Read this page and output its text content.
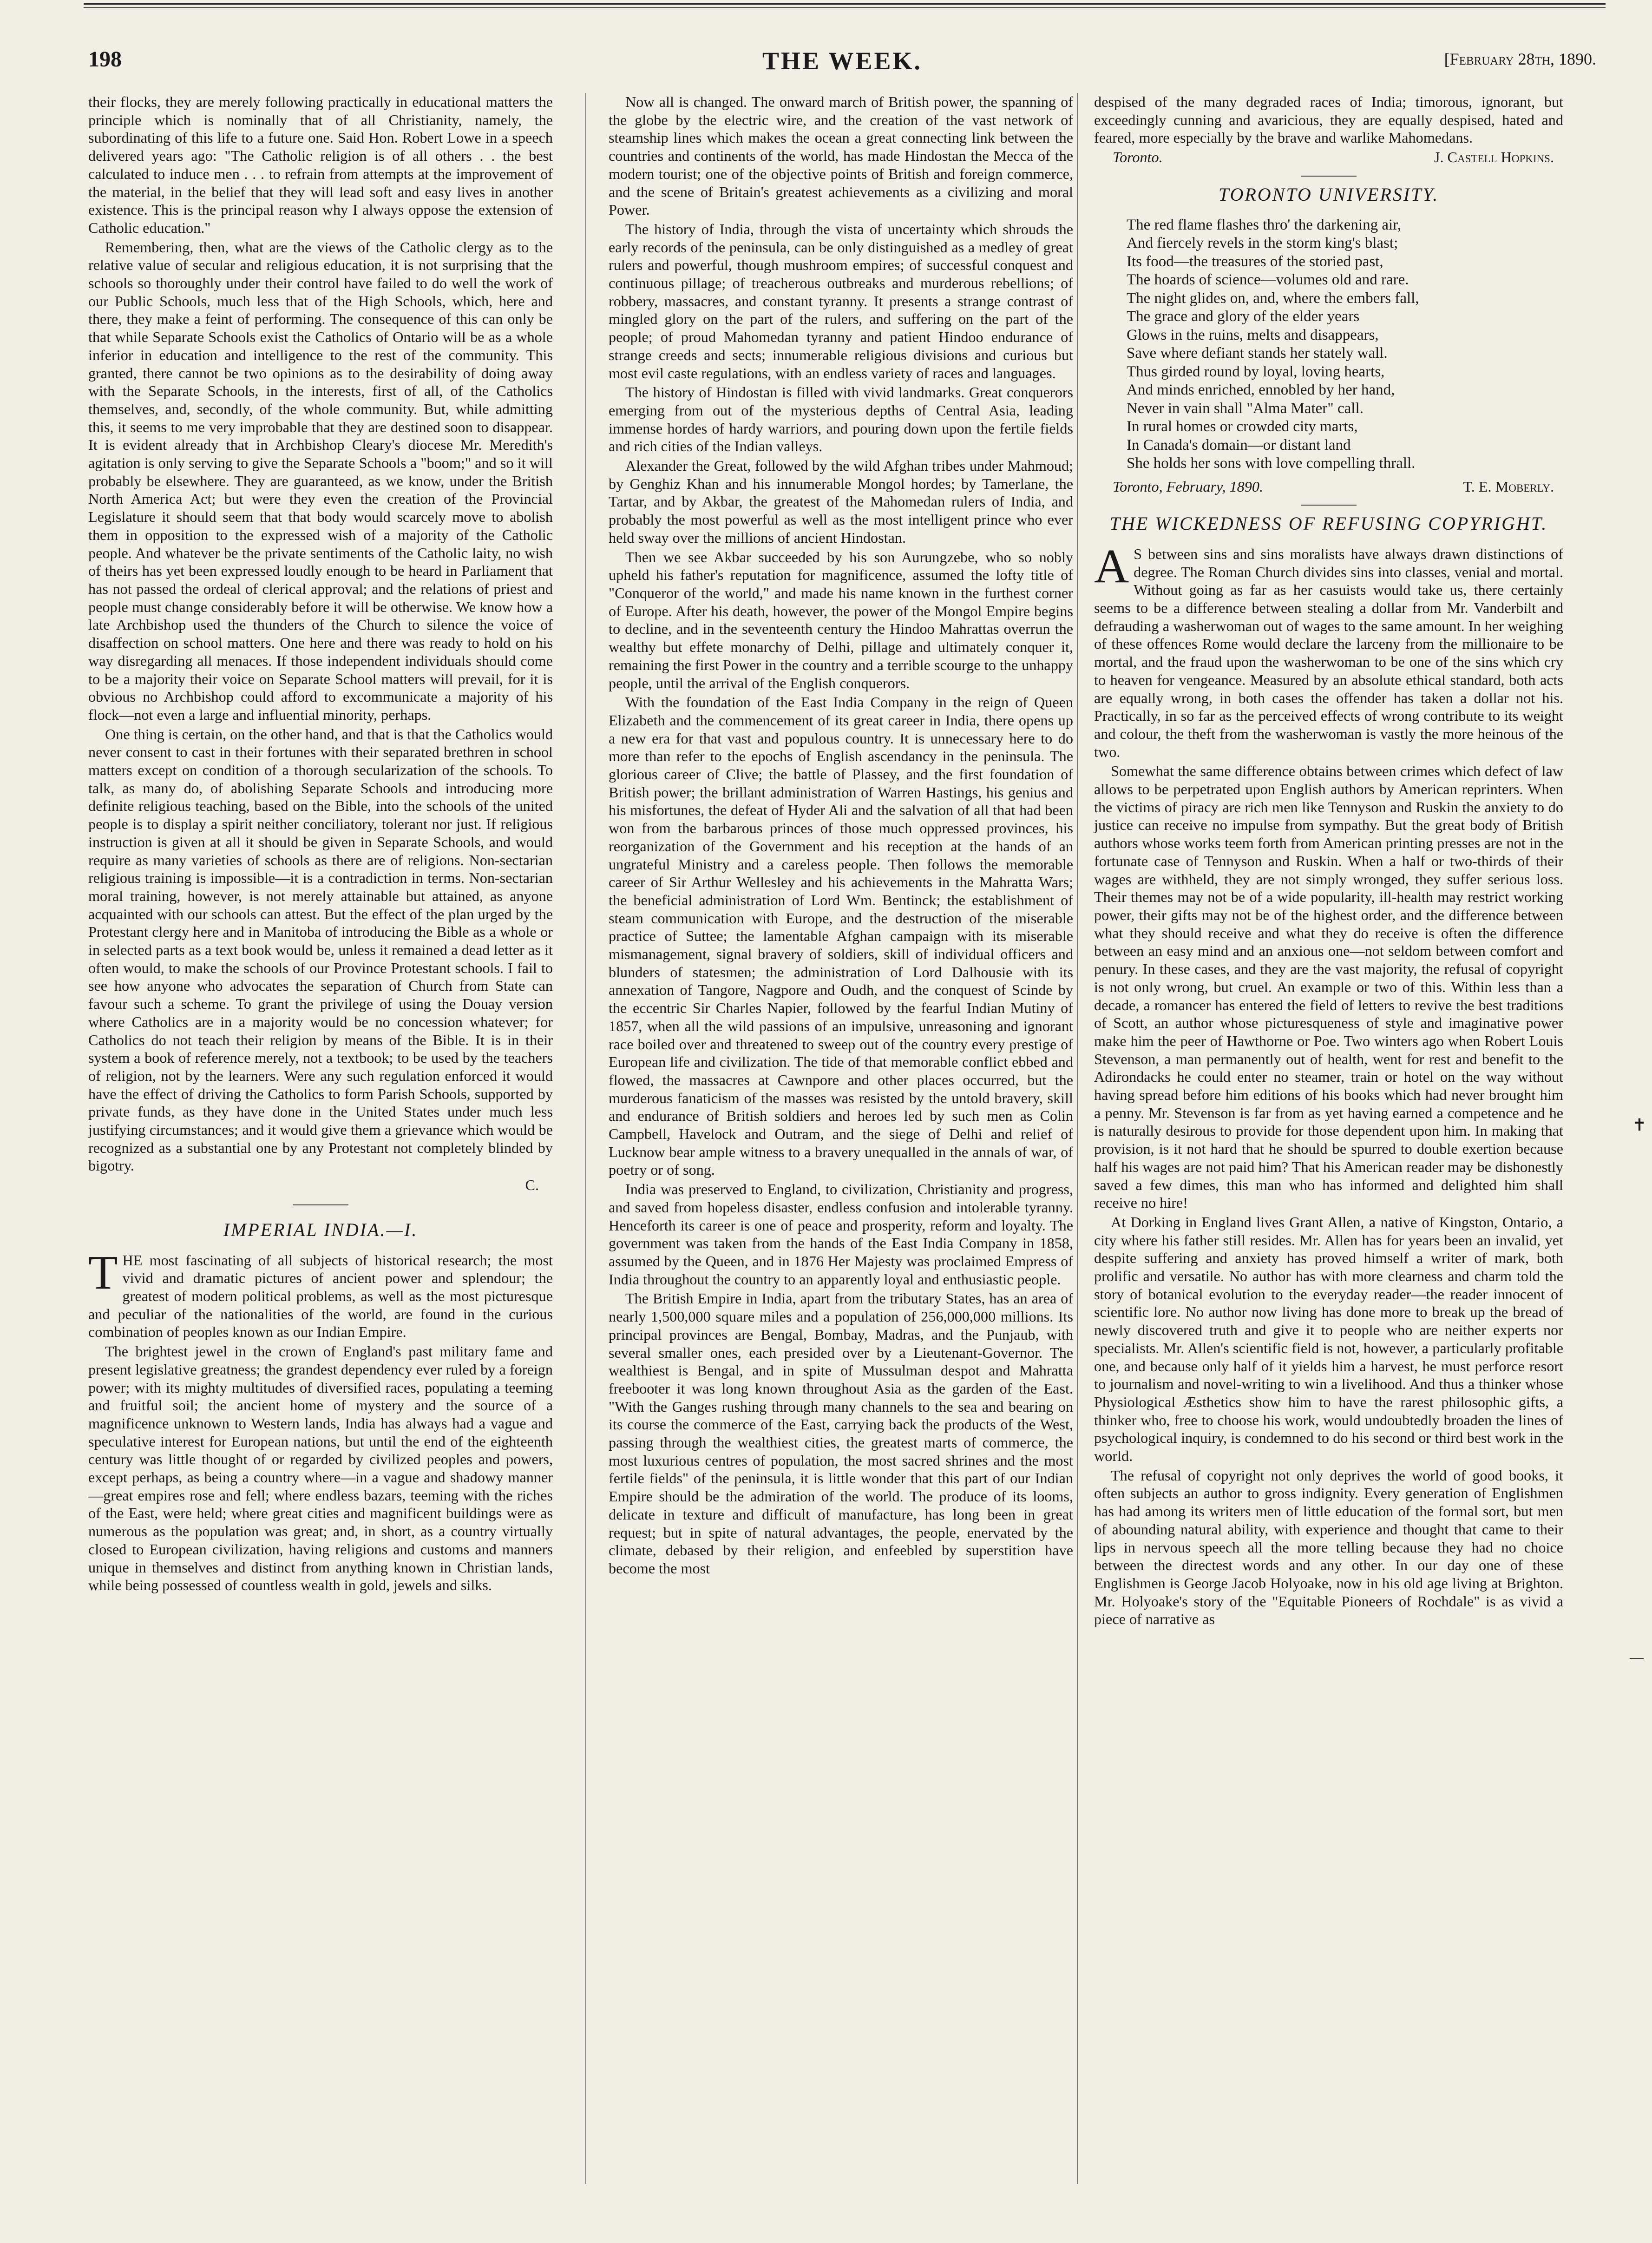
198	THE WEEK.	[February 28th, 1890.

their flocks, they are merely following practically in educational matters the principle which is nominally that of all Christianity, namely, the subordinating of this life to a future one. Said Hon. Robert Lowe in a speech delivered years ago: "The Catholic religion is of all others . . the best calculated to induce men . . . to refrain from attempts at the improvement of the material, in the belief that they will lead soft and easy lives in another existence. This is the principal reason why I always oppose the extension of Catholic education."

Remembering, then, what are the views of the Catholic clergy as to the relative value of secular and religious education, it is not surprising that the schools so thoroughly under their control have failed to do well the work of our Public Schools, much less that of the High Schools, which, here and there, they make a feint of performing. The consequence of this can only be that while Separate Schools exist the Catholics of Ontario will be as a whole inferior in education and intelligence to the rest of the community. This granted, there cannot be two opinions as to the desirability of doing away with the Separate Schools, in the interests, first of all, of the Catholics themselves, and, secondly, of the whole community. But, while admitting this, it seems to me very improbable that they are destined soon to disappear. It is evident already that in Archbishop Cleary's diocese Mr. Meredith's agitation is only serving to give the Separate Schools a "boom;" and so it will probably be elsewhere. They are guaranteed, as we know, under the British North America Act; but were they even the creation of the Provincial Legislature it should seem that that body would scarcely move to abolish them in opposition to the expressed wish of a majority of the Catholic people. And whatever be the private sentiments of the Catholic laity, no wish of theirs has yet been expressed loudly enough to be heard in Parliament that has not passed the ordeal of clerical approval; and the relations of priest and people must change considerably before it will be otherwise. We know how a late Archbishop used the thunders of the Church to silence the voice of disaffection on school matters. One here and there was ready to hold on his way disregarding all menaces. If those independent individuals should come to be a majority their voice on Separate School matters will prevail, for it is obvious no Archbishop could afford to excommunicate a majority of his flock—not even a large and influential minority, perhaps.

One thing is certain, on the other hand, and that is that the Catholics would never consent to cast in their fortunes with their separated brethren in school matters except on condition of a thorough secularization of the schools. To talk, as many do, of abolishing Separate Schools and introducing more definite religious teaching, based on the Bible, into the schools of the united people is to display a spirit neither conciliatory, tolerant nor just. If religious instruction is given at all it should be given in Separate Schools, and would require as many varieties of schools as there are of religions. Non-sectarian religious training is impossible—it is a contradiction in terms. Non-sectarian moral training, however, is not merely attainable but attained, as anyone acquainted with our schools can attest. But the effect of the plan urged by the Protestant clergy here and in Manitoba of introducing the Bible as a whole or in selected parts as a text book would be, unless it remained a dead letter as it often would, to make the schools of our Province Protestant schools. I fail to see how anyone who advocates the separation of Church from State can favour such a scheme. To grant the privilege of using the Douay version where Catholics are in a majority would be no concession whatever; for Catholics do not teach their religion by means of the Bible. It is in their system a book of reference merely, not a textbook; to be used by the teachers of religion, not by the learners. Were any such regulation enforced it would have the effect of driving the Catholics to form Parish Schools, supported by private funds, as they have done in the United States under much less justifying circumstances; and it would give them a grievance which would be recognized as a substantial one by any Protestant not completely blinded by bigotry.

C.
IMPERIAL INDIA.—I.

THE most fascinating of all subjects of historical research; the most vivid and dramatic pictures of ancient power and splendour; the greatest of modern political problems, as well as the most picturesque and peculiar of the nationalities of the world, are found in the curious combination of peoples known as our Indian Empire.

The brightest jewel in the crown of England's past military fame and present legislative greatness; the grandest dependency ever ruled by a foreign power; with its mighty multitudes of diversified races, populating a teeming and fruitful soil; the ancient home of mystery and the source of a magnificence unknown to Western lands, India has always had a vague and speculative interest for European nations, but until the end of the eighteenth century was little thought of or regarded by civilized peoples and powers, except perhaps, as being a country where—in a vague and shadowy manner—great empires rose and fell; where endless bazars, teeming with the riches of the East, were held; where great cities and magnificent buildings were as numerous as the population was great; and, in short, as a country virtually closed to European civilization, having religions and customs and manners unique in themselves and distinct from anything known in Christian lands, while being possessed of countless wealth in gold, jewels and silks.

Now all is changed. The onward march of British power, the spanning of the globe by the electric wire, and the creation of the vast network of steamship lines which makes the ocean a great connecting link between the countries and continents of the world, has made Hindostan the Mecca of the modern tourist; one of the objective points of British and foreign commerce, and the scene of Britain's greatest achievements as a civilizing and moral Power.

The history of India, through the vista of uncertainty which shrouds the early records of the peninsula, can be only distinguished as a medley of great rulers and powerful, though mushroom empires; of successful conquest and continuous pillage; of treacherous outbreaks and murderous rebellions; of robbery, massacres, and constant tyranny. It presents a strange contrast of mingled glory on the part of the rulers, and suffering on the part of the people; of proud Mahomedan tyranny and patient Hindoo endurance of strange creeds and sects; innumerable religious divisions and curious but most evil caste regulations, with an endless variety of races and languages.

The history of Hindostan is filled with vivid landmarks. Great conquerors emerging from out of the mysterious depths of Central Asia, leading immense hordes of hardy warriors, and pouring down upon the fertile fields and rich cities of the Indian valleys.

Alexander the Great, followed by the wild Afghan tribes under Mahmoud; by Genghiz Khan and his innumerable Mongol hordes; by Tamerlane, the Tartar, and by Akbar, the greatest of the Mahomedan rulers of India, and probably the most powerful as well as the most intelligent prince who ever held sway over the millions of ancient Hindostan.

Then we see Akbar succeeded by his son Aurungzebe, who so nobly upheld his father's reputation for magnificence, assumed the lofty title of "Conqueror of the world," and made his name known in the furthest corner of Europe. After his death, however, the power of the Mongol Empire begins to decline, and in the seventeenth century the Hindoo Mahrattas overrun the wealthy but effete monarchy of Delhi, pillage and ultimately conquer it, remaining the first Power in the country and a terrible scourge to the unhappy people, until the arrival of the English conquerors.

With the foundation of the East India Company in the reign of Queen Elizabeth and the commencement of its great career in India, there opens up a new era for that vast and populous country. It is unnecessary here to do more than refer to the epochs of English ascendancy in the peninsula. The glorious career of Clive; the battle of Plassey, and the first foundation of British power; the brillant administration of Warren Hastings, his genius and his misfortunes, the defeat of Hyder Ali and the salvation of all that had been won from the barbarous princes of those much oppressed provinces, his reorganization of the Government and his reception at the hands of an ungrateful Ministry and a careless people. Then follows the memorable career of Sir Arthur Wellesley and his achievements in the Mahratta Wars; the beneficial administration of Lord Wm. Bentinck; the establishment of steam communication with Europe, and the destruction of the miserable practice of Suttee; the lamentable Afghan campaign with its miserable mismanagement, signal bravery of soldiers, skill of individual officers and blunders of statesmen; the administration of Lord Dalhousie with its annexation of Tangore, Nagpore and Oudh, and the conquest of Scinde by the eccentric Sir Charles Napier, followed by the fearful Indian Mutiny of 1857, when all the wild passions of an impulsive, unreasoning and ignorant race boiled over and threatened to sweep out of the country every prestige of European life and civilization. The tide of that memorable conflict ebbed and flowed, the massacres at Cawnpore and other places occurred, but the murderous fanaticism of the masses was resisted by the untold bravery, skill and endurance of British soldiers and heroes led by such men as Colin Campbell, Havelock and Outram, and the siege of Delhi and relief of Lucknow bear ample witness to a bravery unequalled in the annals of war, of poetry or of song.

India was preserved to England, to civilization, Christianity and progress, and saved from hopeless disaster, endless confusion and intolerable tyranny. Henceforth its career is one of peace and prosperity, reform and loyalty. The government was taken from the hands of the East India Company in 1858, assumed by the Queen, and in 1876 Her Majesty was proclaimed Empress of India throughout the country to an apparently loyal and enthusiastic people.

The British Empire in India, apart from the tributary States, has an area of nearly 1,500,000 square miles and a population of 256,000,000 millions. Its principal provinces are Bengal, Bombay, Madras, and the Punjaub, with several smaller ones, each presided over by a Lieutenant-Governor. The wealthiest is Bengal, and in spite of Mussulman despot and Mahratta freebooter it was long known throughout Asia as the garden of the East. "With the Ganges rushing through many channels to the sea and bearing on its course the commerce of the East, carrying back the products of the West, passing through the wealthiest cities, the greatest marts of commerce, the most luxurious centres of population, the most sacred shrines and the most fertile fields" of the peninsula, it is little wonder that this part of our Indian Empire should be the admiration of the world. The produce of its looms, delicate in texture and difficult of manufacture, has long been in great request; but in spite of natural advantages, the people, enervated by the climate, debased by their religion, and enfeebled by superstition have become the most

despised of the many degraded races of India; timorous, ignorant, but exceedingly cunning and avaricious, they are equally despised, hated and feared, more especially by the brave and warlike Mahomedans.

Toronto.	J. Castell Hopkins.
TORONTO UNIVERSITY.
The red flame flashes thro' the darkening air,
And fiercely revels in the storm king's blast;
Its food—the treasures of the storied past,
The hoards of science—volumes old and rare.
The night glides on, and, where the embers fall,
The grace and glory of the elder years
Glows in the ruins, melts and disappears,
Save where defiant stands her stately wall.
Thus girded round by loyal, loving hearts,
And minds enriched, ennobled by her hand,
Never in vain shall "Alma Mater" call.
In rural homes or crowded city marts,
In Canada's domain—or distant land
She holds her sons with love compelling thrall.
Toronto, February, 1890.	T. E. Moberly.
THE WICKEDNESS OF REFUSING COPYRIGHT.

A S between sins and sins moralists have always drawn distinctions of degree. The Roman Church divides sins into classes, venial and mortal. Without going as far as her casuists would take us, there certainly seems to be a difference between stealing a dollar from Mr. Vanderbilt and defrauding a washerwoman out of wages to the same amount. In her weighing of these offences Rome would declare the larceny from the millionaire to be mortal, and the fraud upon the washerwoman to be one of the sins which cry to heaven for vengeance. Measured by an absolute ethical standard, both acts are equally wrong, in both cases the offender has taken a dollar not his. Practically, in so far as the perceived effects of wrong contribute to its weight and colour, the theft from the washerwoman is vastly the more heinous of the two.

Somewhat the same difference obtains between crimes which defect of law allows to be perpetrated upon English authors by American reprinters. When the victims of piracy are rich men like Tennyson and Ruskin the anxiety to do justice can receive no impulse from sympathy. But the great body of British authors whose works teem forth from American printing presses are not in the fortunate case of Tennyson and Ruskin. When a half or two-thirds of their wages are withheld, they are not simply wronged, they suffer serious loss. Their themes may not be of a wide popularity, ill-health may restrict working power, their gifts may not be of the highest order, and the difference between what they should receive and what they do receive is often the difference between an easy mind and an anxious one—not seldom between comfort and penury. In these cases, and they are the vast majority, the refusal of copyright is not only wrong, but cruel. An example or two of this. Within less than a decade, a romancer has entered the field of letters to revive the best traditions of Scott, an author whose picturesqueness of style and imaginative power make him the peer of Hawthorne or Poe. Two winters ago when Robert Louis Stevenson, a man permanently out of health, went for rest and benefit to the Adirondacks he could enter no steamer, train or hotel on the way without having spread before him editions of his books which had never brought him a penny. Mr. Stevenson is far from as yet having earned a competence and he is naturally desirous to provide for those dependent upon him. In making that provision, is it not hard that he should be spurred to double exertion because half his wages are not paid him? That his American reader may be dishonestly saved a few dimes, this man who has informed and delighted him shall receive no hire!

At Dorking in England lives Grant Allen, a native of Kingston, Ontario, a city where his father still resides. Mr. Allen has for years been an invalid, yet despite suffering and anxiety has proved himself a writer of mark, both prolific and versatile. No author has with more clearness and charm told the story of botanical evolution to the everyday reader—the reader innocent of scientific lore. No author now living has done more to break up the bread of newly discovered truth and give it to people who are neither experts nor specialists. Mr. Allen's scientific field is not, however, a particularly profitable one, and because only half of it yields him a harvest, he must perforce resort to journalism and novel-writing to win a livelihood. And thus a thinker whose Physiological Æsthetics show him to have the rarest philosophic gifts, a thinker who, free to choose his work, would undoubtedly broaden the lines of psychological inquiry, is condemned to do his second or third best work in the world.

The refusal of copyright not only deprives the world of good books, it often subjects an author to gross indignity. Every generation of Englishmen has had among its writers men of little education of the formal sort, but men of abounding natural ability, with experience and thought that came to their lips in nervous speech all the more telling because they had no choice between the directest words and any other. In our day one of these Englishmen is George Jacob Holyoake, now in his old age living at Brighton. Mr. Holyoake's story of the "Equitable Pioneers of Rochdale" is as vivid a piece of narrative as

✝
—
